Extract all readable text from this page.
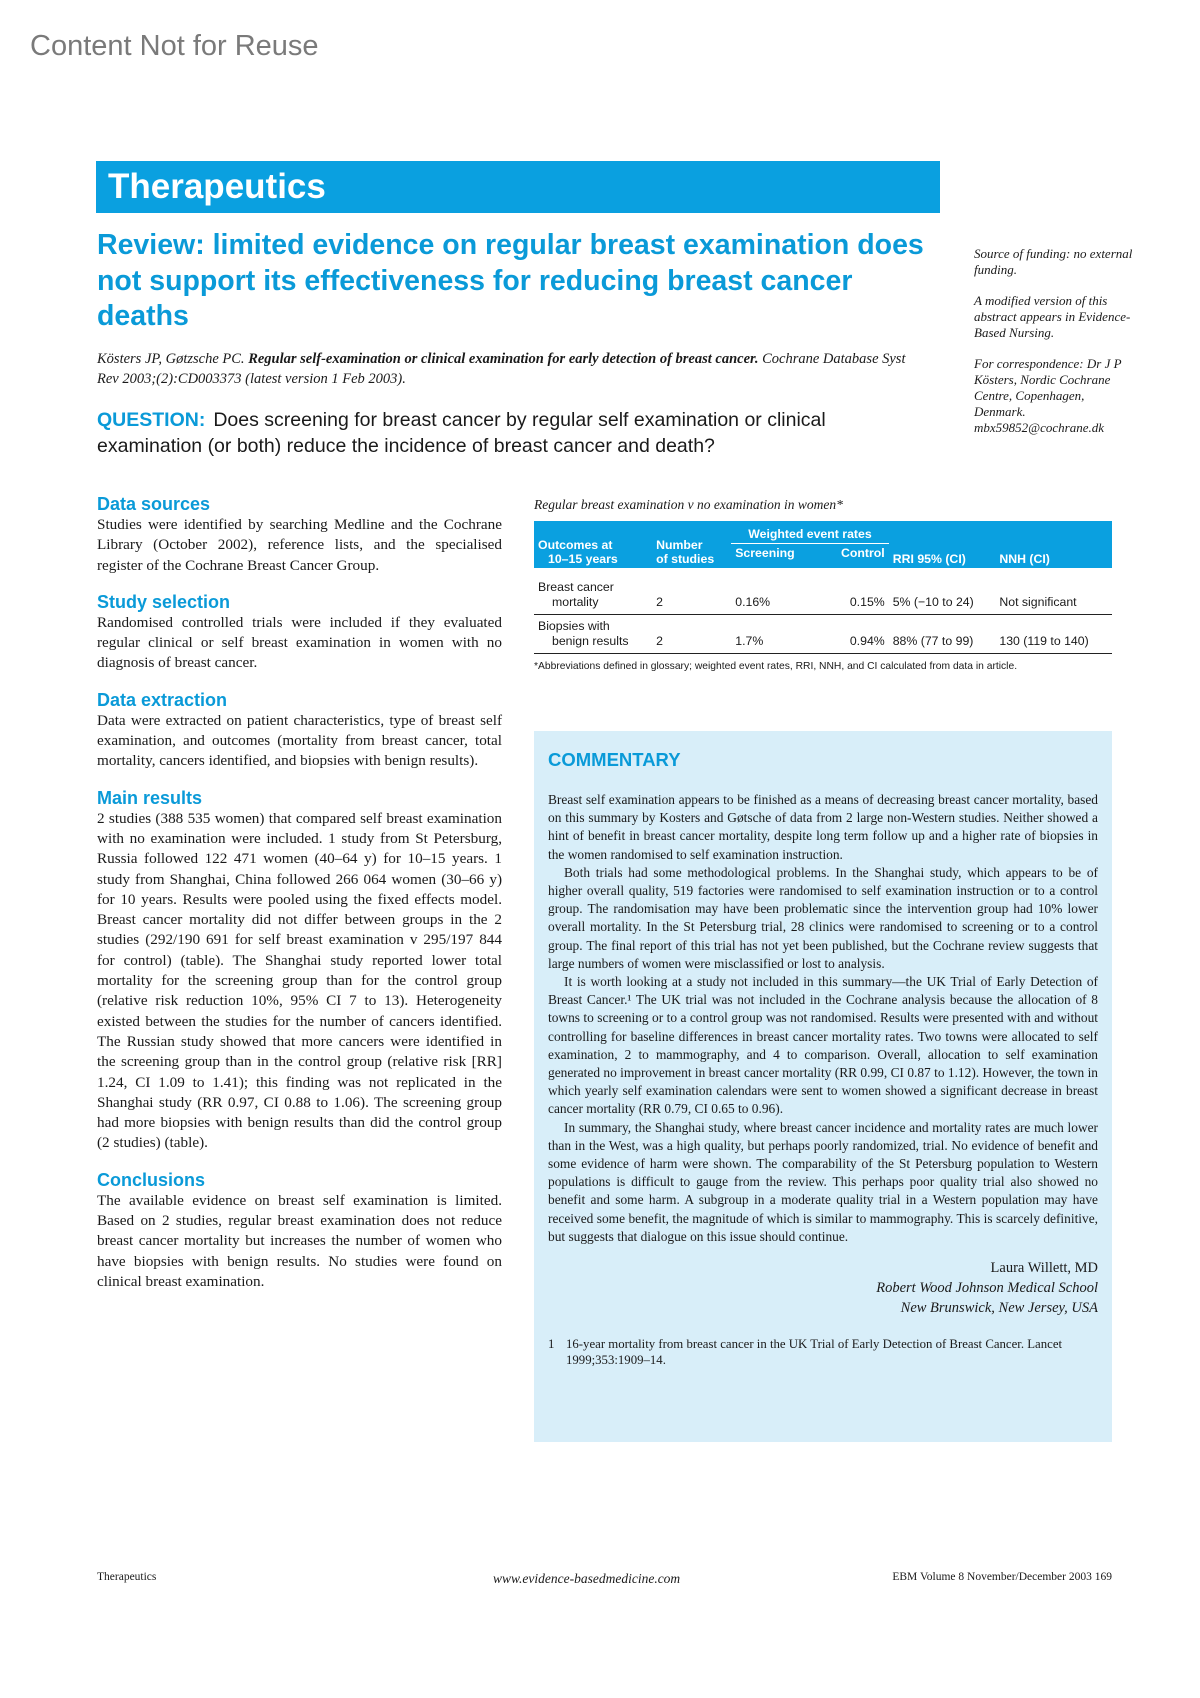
Content Not for Reuse
Therapeutics
Review: limited evidence on regular breast examination does not support its effectiveness for reducing breast cancer deaths
Kösters JP, Gøtzsche PC. Regular self-examination or clinical examination for early detection of breast cancer. Cochrane Database Syst Rev 2003;(2):CD003373 (latest version 1 Feb 2003).
QUESTION: Does screening for breast cancer by regular self examination or clinical examination (or both) reduce the incidence of breast cancer and death?

Source of funding: no external funding.

A modified version of this abstract appears in Evidence-Based Nursing.

For correspondence: Dr J P Kösters, Nordic Cochrane Centre, Copenhagen, Denmark. mbx59852@cochrane.dk

Data sources

Studies were identified by searching Medline and the Cochrane Library (October 2002), reference lists, and the specialised register of the Cochrane Breast Cancer Group.

Study selection

Randomised controlled trials were included if they evaluated regular clinical or self breast examination in women with no diagnosis of breast cancer.

Data extraction

Data were extracted on patient characteristics, type of breast self examination, and outcomes (mortality from breast cancer, total mortality, cancers identified, and biopsies with benign results).

Main results

2 studies (388 535 women) that compared self breast examination with no examination were included. 1 study from St Petersburg, Russia followed 122 471 women (40–64 y) for 10–15 years. 1 study from Shanghai, China followed 266 064 women (30–66 y) for 10 years. Results were pooled using the fixed effects model. Breast cancer mortality did not differ between groups in the 2 studies (292/190 691 for self breast examination v 295/197 844 for control) (table). The Shanghai study reported lower total mortality for the screening group than for the control group (relative risk reduction 10%, 95% CI 7 to 13). Heterogeneity existed between the studies for the number of cancers identified. The Russian study showed that more cancers were identified in the screening group than in the control group (relative risk [RR] 1.24, CI 1.09 to 1.41); this finding was not replicated in the Shanghai study (RR 0.97, CI 0.88 to 1.06). The screening group had more biopsies with benign results than did the control group (2 studies) (table).

Conclusions

The available evidence on breast self examination is limited. Based on 2 studies, regular breast examination does not reduce breast cancer mortality but increases the number of women who have biopsies with benign results. No studies were found on clinical breast examination.

Regular breast examination v no examination in women*
Outcomes at
10–15 years	Number
of studies	Weighted event rates		RRI 95% (CI)	NNH (CI)
		Screening	Control		
Breast cancer
mortality	2	0.16%	0.15%	5% (−10 to 24)	Not significant
Biopsies with
benign results	2	1.7%	0.94%	88% (77 to 99)	130 (119 to 140)
*Abbreviations defined in glossary; weighted event rates, RRI, NNH, and CI calculated from data in article.
COMMENTARY

Breast self examination appears to be finished as a means of decreasing breast cancer mortality, based on this summary by Kosters and Gøtsche of data from 2 large non-Western studies. Neither showed a hint of benefit in breast cancer mortality, despite long term follow up and a higher rate of biopsies in the women randomised to self examination instruction.

Both trials had some methodological problems. In the Shanghai study, which appears to be of higher overall quality, 519 factories were randomised to self examination instruction or to a control group. The randomisation may have been problematic since the intervention group had 10% lower overall mortality. In the St Petersburg trial, 28 clinics were randomised to screening or to a control group. The final report of this trial has not yet been published, but the Cochrane review suggests that large numbers of women were misclassified or lost to analysis.

It is worth looking at a study not included in this summary—the UK Trial of Early Detection of Breast Cancer.¹ The UK trial was not included in the Cochrane analysis because the allocation of 8 towns to screening or to a control group was not randomised. Results were presented with and without controlling for baseline differences in breast cancer mortality rates. Two towns were allocated to self examination, 2 to mammography, and 4 to comparison. Overall, allocation to self examination generated no improvement in breast cancer mortality (RR 0.99, CI 0.87 to 1.12). However, the town in which yearly self examination calendars were sent to women showed a significant decrease in breast cancer mortality (RR 0.79, CI 0.65 to 0.96).

In summary, the Shanghai study, where breast cancer incidence and mortality rates are much lower than in the West, was a high quality, but perhaps poorly randomized, trial. No evidence of benefit and some evidence of harm were shown. The comparability of the St Petersburg population to Western populations is difficult to gauge from the review. This perhaps poor quality trial also showed no benefit and some harm. A subgroup in a moderate quality trial in a Western population may have received some benefit, the magnitude of which is similar to mammography. This is scarcely definitive, but suggests that dialogue on this issue should continue.

Laura Willett, MD
Robert Wood Johnson Medical School
New Brunswick, New Jersey, USA
1 16-year mortality from breast cancer in the UK Trial of Early Detection of Breast Cancer. Lancet 1999;353:1909–14.
Therapeutics	www.evidence-basedmedicine.com	EBM Volume 8 November/December 2003 169
